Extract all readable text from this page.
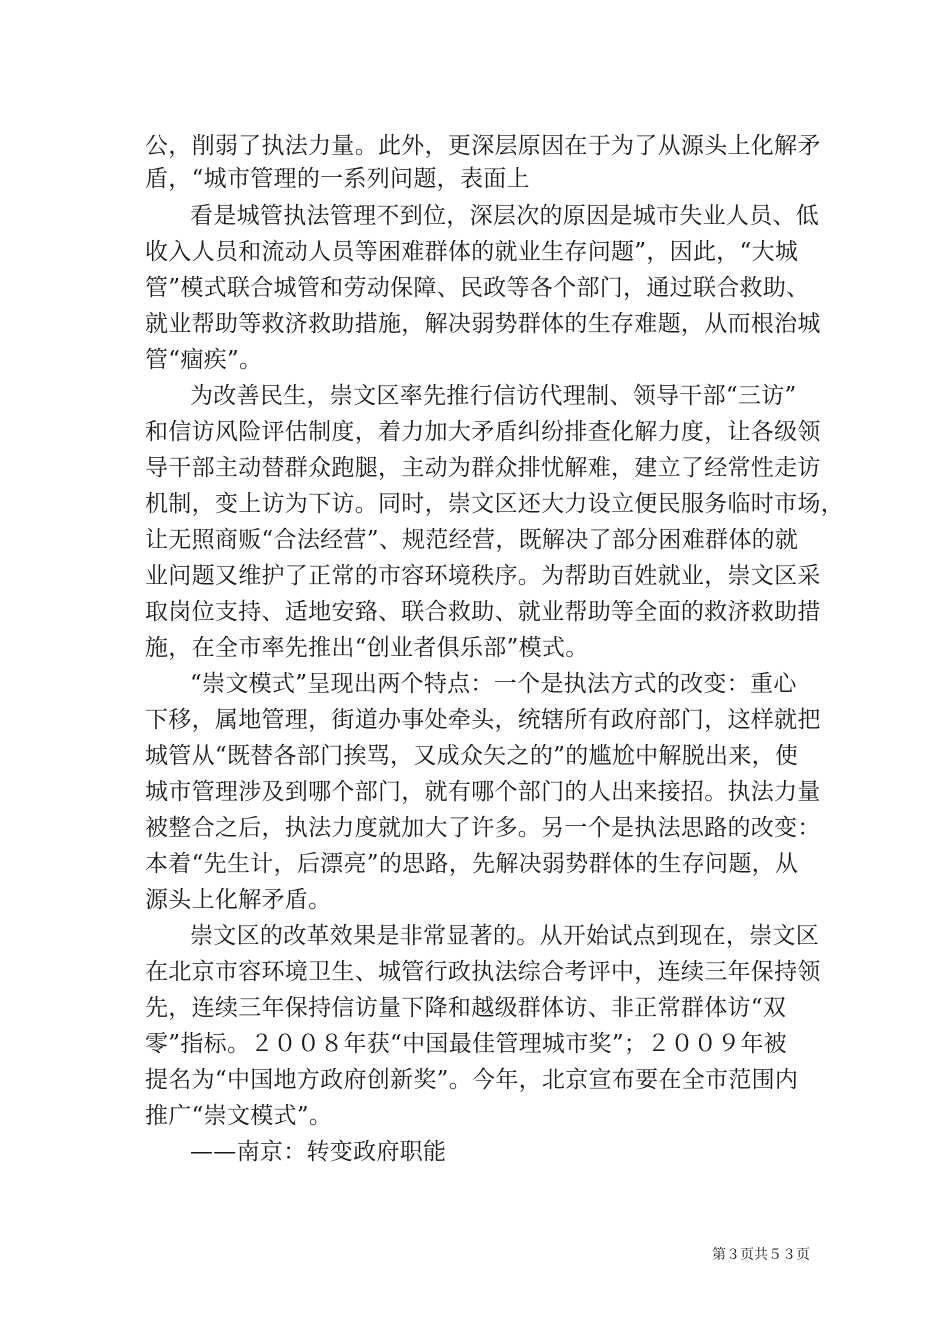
公，削弱了执法力量。此外，更深层原因在于为了从源头上化解矛
盾，“城市管理的一系列问题，表面上
看是城管执法管理不到位，深层次的原因是城市失业人员、低
收入人员和流动人员等困难群体的就业生存问题”，因此，“大城
管”模式联合城管和劳动保障、民政等各个部门，通过联合救助、
就业帮助等救济救助措施，解决弱势群体的生存难题，从而根治城
管“痼疾”。
为改善民生，崇文区率先推行信访代理制、领导干部“三访”
和信访风险评估制度，着力加大矛盾纠纷排查化解力度，让各级领
导干部主动替群众跑腿，主动为群众排忧解难，建立了经常性走访
机制，变上访为下访。同时，崇文区还大力设立便民服务临时市场，
让无照商贩“合法经营”、规范经营，既解决了部分困难群体的就
业问题又维护了正常的市容环境秩序。为帮助百姓就业，崇文区采
取岗位支持、适地安臵、联合救助、就业帮助等全面的救济救助措
施，在全市率先推出“创业者俱乐部”模式。
“崇文模式”呈现出两个特点：一个是执法方式的改变：重心
下移，属地管理，街道办事处牵头，统辖所有政府部门，这样就把
城管从“既替各部门挨骂，又成众矢之的”的尴尬中解脱出来，使
城市管理涉及到哪个部门，就有哪个部门的人出来接招。执法力量
被整合之后，执法力度就加大了许多。另一个是执法思路的改变：
本着“先生计，后漂亮”的思路，先解决弱势群体的生存问题，从
源头上化解矛盾。
崇文区的改革效果是非常显著的。从开始试点到现在，崇文区
在北京市容环境卫生、城管行政执法综合考评中，连续三年保持领
先，连续三年保持信访量下降和越级群体访、非正常群体访“双
零”指标。２００８年获“中国最佳管理城市奖”；２００９年被
提名为“中国地方政府创新奖”。今年，北京宣布要在全市范围内
推广“崇文模式”。
——南京：转变政府职能
第３页共５３页
